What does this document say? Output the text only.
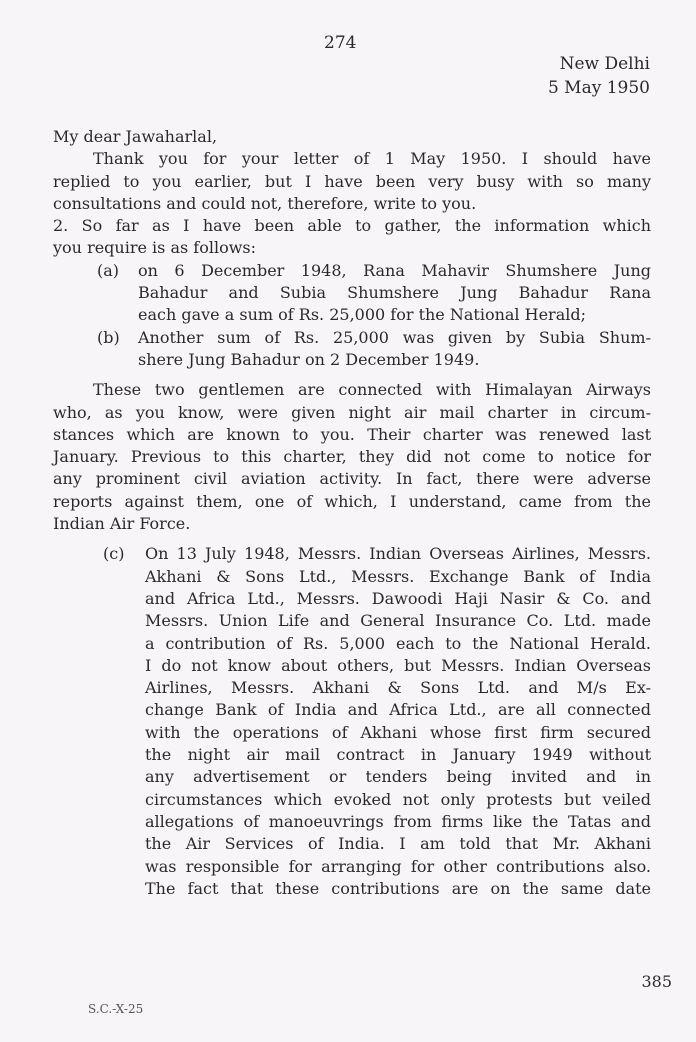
274
New Delhi
5 May 1950
My dear Jawaharlal,
Thank you for your letter of 1 May 1950. I should have
replied to you earlier, but I have been very busy with so many
consultations and could not, therefore, write to you.
2. So far as I have been able to gather, the information which
you require is as follows:
(a) on 6 December 1948, Rana Mahavir Shumshere Jung
Bahadur and Subia Shumshere Jung Bahadur Rana
each gave a sum of Rs. 25,000 for the National Herald;
(b) Another sum of Rs. 25,000 was given by Subia Shum-
shere Jung Bahadur on 2 December 1949.
These two gentlemen are connected with Himalayan Airways
who, as you know, were given night air mail charter in circum-
stances which are known to you. Their charter was renewed last
January. Previous to this charter, they did not come to notice for
any prominent civil aviation activity. In fact, there were adverse
reports against them, one of which, I understand, came from the
Indian Air Force.
(c) On 13 July 1948, Messrs. Indian Overseas Airlines, Messrs.
Akhani & Sons Ltd., Messrs. Exchange Bank of India
and Africa Ltd., Messrs. Dawoodi Haji Nasir & Co. and
Messrs. Union Life and General Insurance Co. Ltd. made
a contribution of Rs. 5,000 each to the National Herald.
I do not know about others, but Messrs. Indian Overseas
Airlines, Messrs. Akhani & Sons Ltd. and M/s Ex-
change Bank of India and Africa Ltd., are all connected
with the operations of Akhani whose first firm secured
the night air mail contract in January 1949 without
any advertisement or tenders being invited and in
circumstances which evoked not only protests but veiled
allegations of manoeuvrings from firms like the Tatas and
the Air Services of India. I am told that Mr. Akhani
was responsible for arranging for other contributions also.
The fact that these contributions are on the same date
385
S.C.-X-25
